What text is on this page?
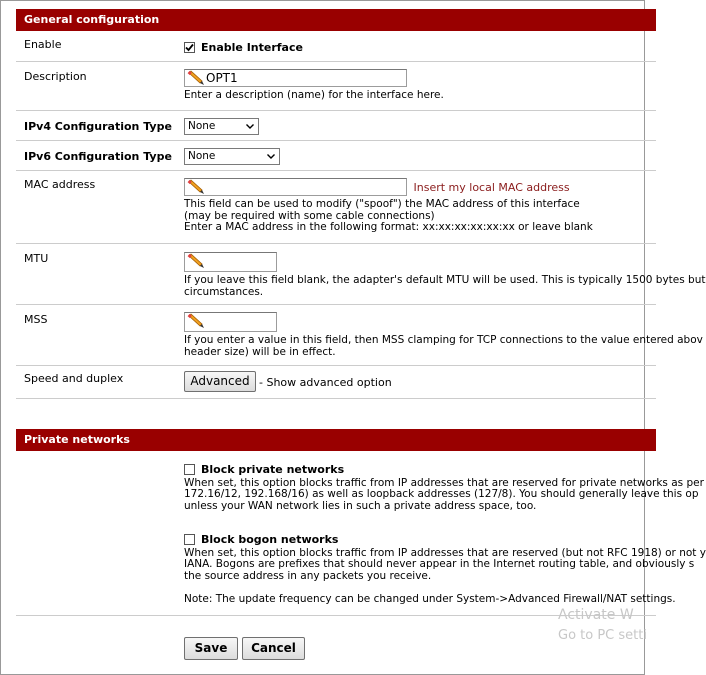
General configuration
Enable	Enable Interface
Description	OPT1
Enter a description (name) for the interface here.
IPv4 Configuration Type	None
IPv6 Configuration Type	None
MAC address	Insert my local MAC address
This field can be used to modify ("spoof") the MAC address of this interface
(may be required with some cable connections)
Enter a MAC address in the following format: xx:xx:xx:xx:xx:xx or leave blank
MTU
If you leave this field blank, the adapter's default MTU will be used. This is typically 1500 bytes but
circumstances.
MSS
If you enter a value in this field, then MSS clamping for TCP connections to the value entered abov
header size) will be in effect.
Speed and duplex	Advanced - Show advanced option
Private networks
Block private networks
When set, this option blocks traffic from IP addresses that are reserved for private networks as per
172.16/12, 192.168/16) as well as loopback addresses (127/8). You should generally leave this op
unless your WAN network lies in such a private address space, too.
Block bogon networks
When set, this option blocks traffic from IP addresses that are reserved (but not RFC 1918) or not y
IANA. Bogons are prefixes that should never appear in the Internet routing table, and obviously s
the source address in any packets you receive.
Note: The update frequency can be changed under System->Advanced Firewall/NAT settings.
Save	Cancel
Activate W
Go to PC setti
